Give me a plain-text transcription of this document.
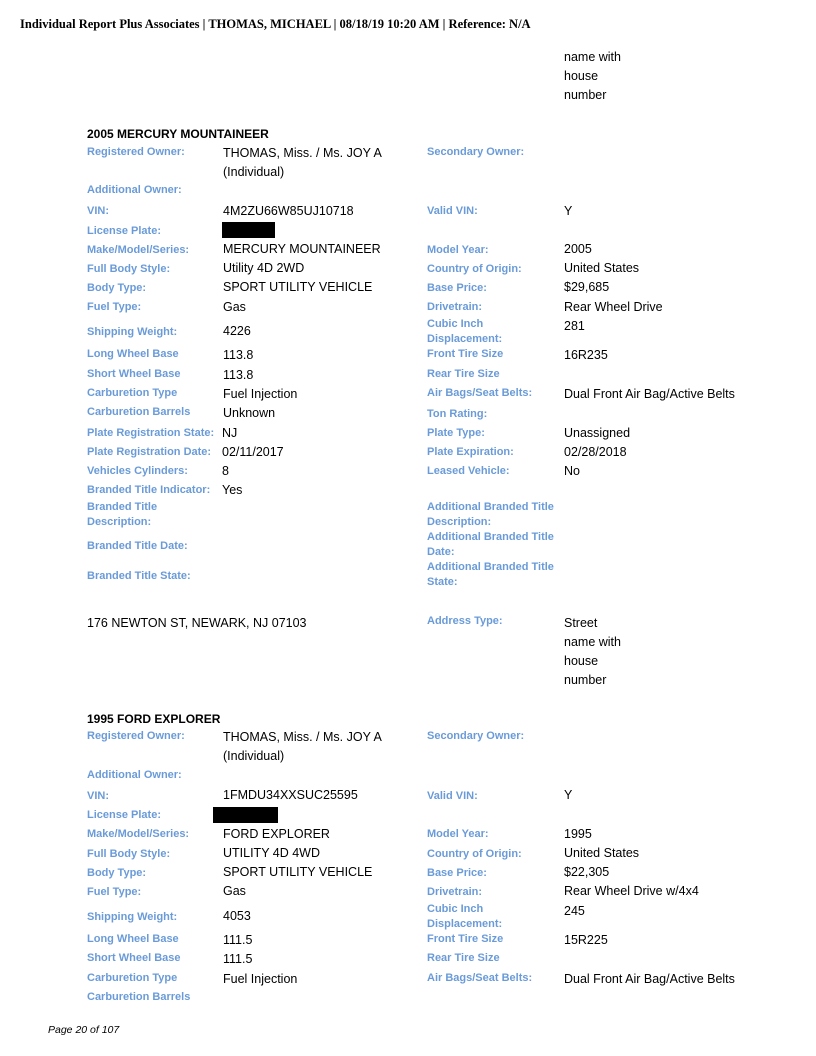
Individual Report Plus Associates | THOMAS, MICHAEL | 08/18/19 10:20 AM | Reference: N/A
name with
house
number
2005 MERCURY MOUNTAINEER
Registered Owner:	THOMAS, Miss. / Ms. JOY A
(Individual)
Secondary Owner:
Additional Owner:
VIN:	4M2ZU66W85UJ10718	Valid VIN:	Y
License Plate:
Make/Model/Series:	MERCURY MOUNTAINEER	Model Year:	2005
Full Body Style:	Utility 4D 2WD	Country of Origin:	United States
Body Type:	SPORT UTILITY VEHICLE	Base Price:	$29,685
Fuel Type:	Gas	Drivetrain:	Rear Wheel Drive
Shipping Weight:	4226	Cubic Inch
Displacement:
281
Long Wheel Base	113.8	Front Tire Size	16R235
Short Wheel Base	113.8	Rear Tire Size
Carburetion Type	Fuel Injection	Air Bags/Seat Belts:	Dual Front Air Bag/Active Belts
Carburetion Barrels	Unknown	Ton Rating:
Plate Registration State: NJ	Plate Type:	Unassigned
Plate Registration Date: 02/11/2017	Plate Expiration:	02/28/2018
Vehicles Cylinders:	8	Leased Vehicle:	No
Branded Title Indicator: Yes
Branded Title
Description:
Additional Branded Title
Description:
Branded Title Date:
Additional Branded Title
Date:
Branded Title State:
Additional Branded Title
State:
176 NEWTON ST, NEWARK, NJ 07103	Address Type:	Street
name with
house
number
1995 FORD EXPLORER
Registered Owner:	THOMAS, Miss. / Ms. JOY A
(Individual)
Secondary Owner:
Additional Owner:
VIN:	1FMDU34XXSUC25595	Valid VIN:	Y
License Plate:
Make/Model/Series:	FORD EXPLORER	Model Year:	1995
Full Body Style:	UTILITY 4D 4WD	Country of Origin:	United States
Body Type:	SPORT UTILITY VEHICLE	Base Price:	$22,305
Fuel Type:	Gas	Drivetrain:	Rear Wheel Drive w/4x4
Shipping Weight:	4053	Cubic Inch
Displacement:
245
Long Wheel Base	111.5	Front Tire Size	15R225
Short Wheel Base	111.5	Rear Tire Size
Carburetion Type	Fuel Injection	Air Bags/Seat Belts:	Dual Front Air Bag/Active Belts
Carburetion Barrels
Page 20 of 107
